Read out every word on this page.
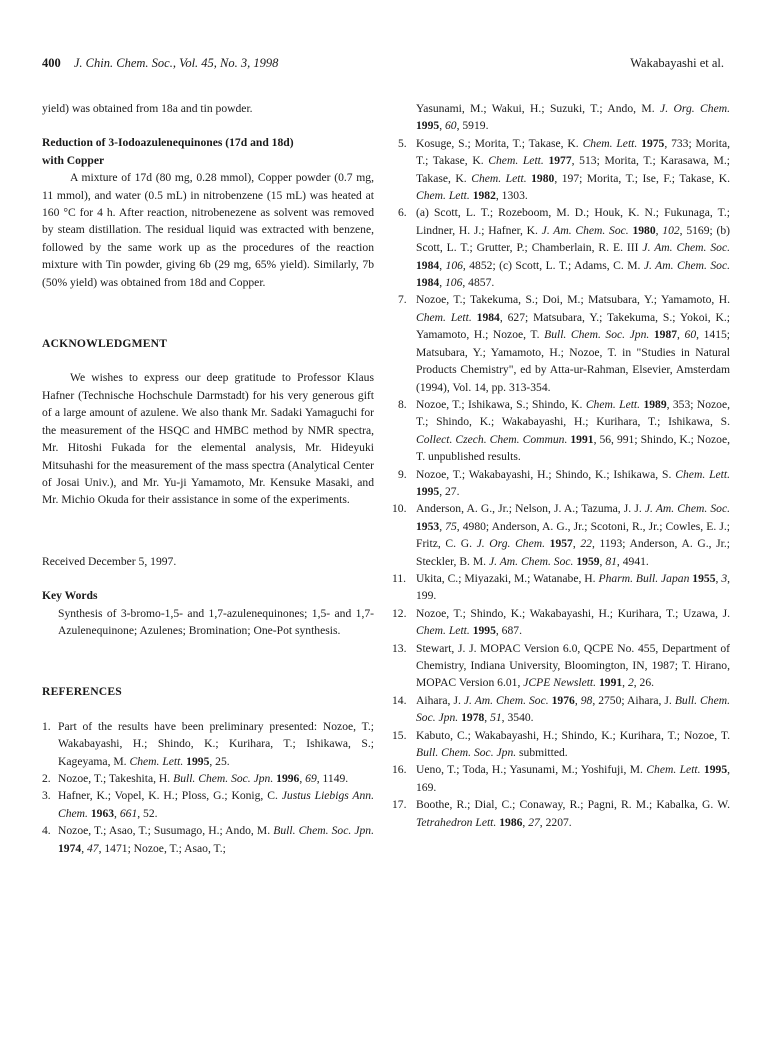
400 J. Chin. Chem. Soc., Vol. 45, No. 3, 1998	Wakabayashi et al.

yield) was obtained from 18a and tin powder.

Reduction of 3-Iodoazulenequinones (17d and 18d)
with Copper

A mixture of 17d (80 mg, 0.28 mmol), Copper powder (0.7 mg, 11 mmol), and water (0.5 mL) in nitrobenzene (15 mL) was heated at 160 °C for 4 h. After reaction, nitrobenezene as solvent was removed by steam distillation. The residual liquid was extracted with benzene, followed by the same work up as the procedures of the reaction mixture with Tin powder, giving 6b (29 mg, 65% yield). Similarly, 7b (50% yield) was obtained from 18d and Copper.

ACKNOWLEDGMENT

We wishes to express our deep gratitude to Professor Klaus Hafner (Technische Hochschule Darmstadt) for his very generous gift of a large amount of azulene. We also thank Mr. Sadaki Yamaguchi for the measurement of the HSQC and HMBC method by NMR spectra, Mr. Hitoshi Fukada for the elemental analysis, Mr. Hideyuki Mitsuhashi for the measurement of the mass spectra (Analytical Center of Josai Univ.), and Mr. Yu-ji Yamamoto, Mr. Kensuke Masaki, and Mr. Michio Okuda for their assistance in some of the experiments.

Received December 5, 1997.

Key Words

Synthesis of 3-bromo-1,5- and 1,7-azulenequinones; 1,5- and 1,7-Azulenequinone; Azulenes; Bromination; One-Pot synthesis.

REFERENCES

1. Part of the results have been preliminary presented: Nozoe, T.; Wakabayashi, H.; Shindo, K.; Kurihara, T.; Ishikawa, S.; Kageyama, M. Chem. Lett. 1995, 25.
2. Nozoe, T.; Takeshita, H. Bull. Chem. Soc. Jpn. 1996, 69, 1149.
3. Hafner, K.; Vopel, K. H.; Ploss, G.; Konig, C. Justus Liebigs Ann. Chem. 1963, 661, 52.
4. Nozoe, T.; Asao, T.; Susumago, H.; Ando, M. Bull. Chem. Soc. Jpn. 1974, 47, 1471; Nozoe, T.; Asao, T.;
Yasunami, M.; Wakui, H.; Suzuki, T.; Ando, M. J. Org. Chem. 1995, 60, 5919.
5. Kosuge, S.; Morita, T.; Takase, K. Chem. Lett. 1975, 733; Morita, T.; Takase, K. Chem. Lett. 1977, 513; Morita, T.; Karasawa, M.; Takase, K. Chem. Lett. 1980, 197; Morita, T.; Ise, F.; Takase, K. Chem. Lett. 1982, 1303.
6. (a) Scott, L. T.; Rozeboom, M. D.; Houk, K. N.; Fukunaga, T.; Lindner, H. J.; Hafner, K. J. Am. Chem. Soc. 1980, 102, 5169; (b) Scott, L. T.; Grutter, P.; Chamberlain, R. E. III J. Am. Chem. Soc. 1984, 106, 4852; (c) Scott, L. T.; Adams, C. M. J. Am. Chem. Soc. 1984, 106, 4857.
7. Nozoe, T.; Takekuma, S.; Doi, M.; Matsubara, Y.; Yamamoto, H. Chem. Lett. 1984, 627; Matsubara, Y.; Takekuma, S.; Yokoi, K.; Yamamoto, H.; Nozoe, T. Bull. Chem. Soc. Jpn. 1987, 60, 1415; Matsubara, Y.; Yamamoto, H.; Nozoe, T. in "Studies in Natural Products Chemistry", ed by Atta-ur-Rahman, Elsevier, Amsterdam (1994), Vol. 14, pp. 313-354.
8. Nozoe, T.; Ishikawa, S.; Shindo, K. Chem. Lett. 1989, 353; Nozoe, T.; Shindo, K.; Wakabayashi, H.; Kurihara, T.; Ishikawa, S. Collect. Czech. Chem. Commun. 1991, 56, 991; Shindo, K.; Nozoe, T. unpublished results.
9. Nozoe, T.; Wakabayashi, H.; Shindo, K.; Ishikawa, S. Chem. Lett. 1995, 27.
10. Anderson, A. G., Jr.; Nelson, J. A.; Tazuma, J. J. J. Am. Chem. Soc. 1953, 75, 4980; Anderson, A. G., Jr.; Scotoni, R., Jr.; Cowles, E. J.; Fritz, C. G. J. Org. Chem. 1957, 22, 1193; Anderson, A. G., Jr.; Steckler, B. M. J. Am. Chem. Soc. 1959, 81, 4941.
11. Ukita, C.; Miyazaki, M.; Watanabe, H. Pharm. Bull. Japan 1955, 3, 199.
12. Nozoe, T.; Shindo, K.; Wakabayashi, H.; Kurihara, T.; Uzawa, J. Chem. Lett. 1995, 687.
13. Stewart, J. J. MOPAC Version 6.0, QCPE No. 455, Department of Chemistry, Indiana University, Bloomington, IN, 1987; T. Hirano, MOPAC Version 6.01, JCPE Newslett. 1991, 2, 26.
14. Aihara, J. J. Am. Chem. Soc. 1976, 98, 2750; Aihara, J. Bull. Chem. Soc. Jpn. 1978, 51, 3540.
15. Kabuto, C.; Wakabayashi, H.; Shindo, K.; Kurihara, T.; Nozoe, T. Bull. Chem. Soc. Jpn. submitted.
16. Ueno, T.; Toda, H.; Yasunami, M.; Yoshifuji, M. Chem. Lett. 1995, 169.
17. Boothe, R.; Dial, C.; Conaway, R.; Pagni, R. M.; Kabalka, G. W. Tetrahedron Lett. 1986, 27, 2207.
